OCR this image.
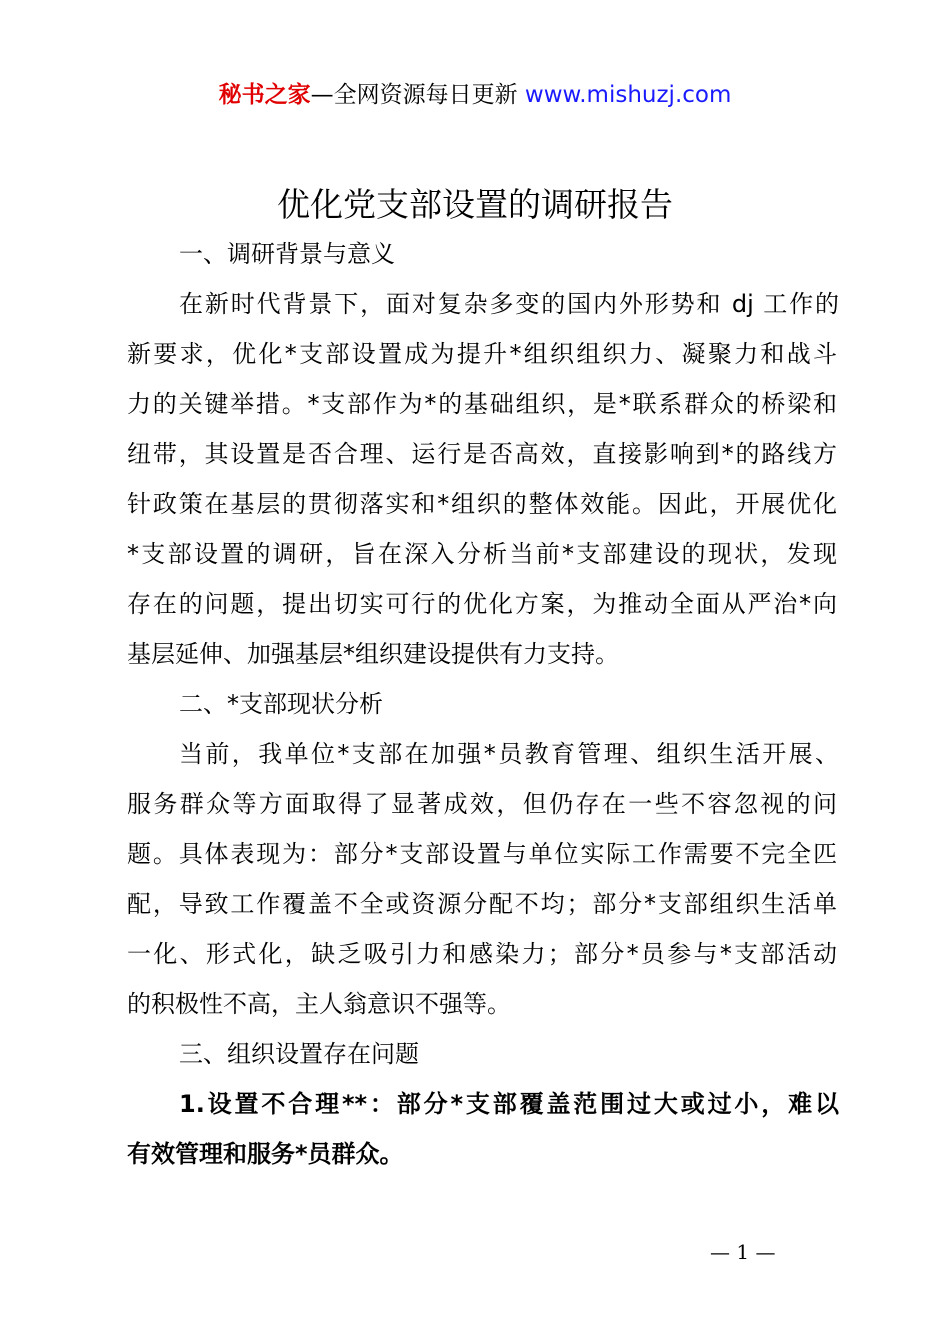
秘书之家—全网资源每日更新 www.mishuzj.com
优化党支部设置的调研报告
一、调研背景与意义
在新时代背景下，面对复杂多变的国内外形势和 dj 工作的
新要求，优化*支部设置成为提升*组织组织力、凝聚力和战斗
力的关键举措。*支部作为*的基础组织，是*联系群众的桥梁和
纽带，其设置是否合理、运行是否高效，直接影响到*的路线方
针政策在基层的贯彻落实和*组织的整体效能。因此，开展优化
*支部设置的调研，旨在深入分析当前*支部建设的现状，发现
存在的问题，提出切实可行的优化方案，为推动全面从严治*向
基层延伸、加强基层*组织建设提供有力支持。
二、*支部现状分析
当前，我单位*支部在加强*员教育管理、组织生活开展、
服务群众等方面取得了显著成效，但仍存在一些不容忽视的问
题。具体表现为：部分*支部设置与单位实际工作需要不完全匹
配，导致工作覆盖不全或资源分配不均；部分*支部组织生活单
一化、形式化，缺乏吸引力和感染力；部分*员参与*支部活动
的积极性不高，主人翁意识不强等。
三、组织设置存在问题
1.设置不合理**：部分*支部覆盖范围过大或过小，难以
有效管理和服务*员群众。
— 1 —
